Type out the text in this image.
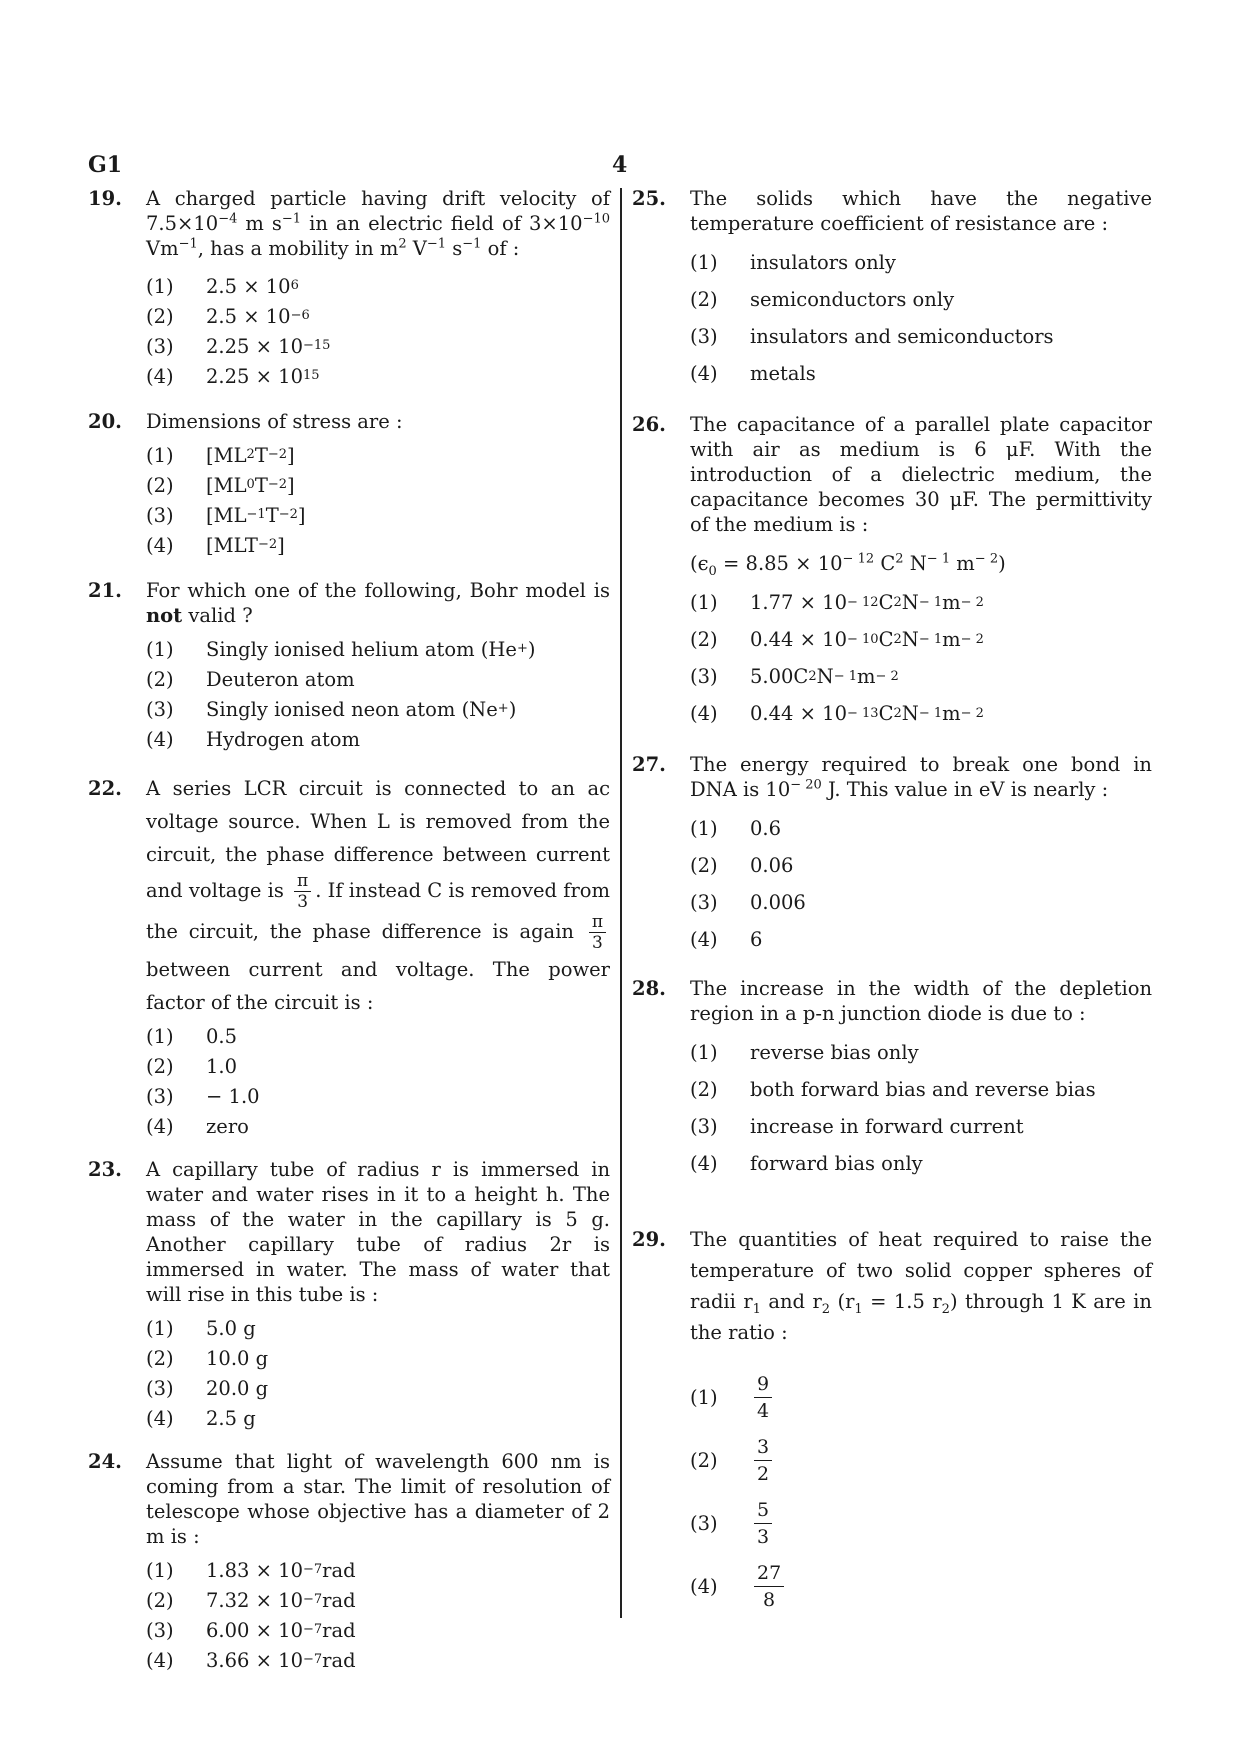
G1	4
19. A charged particle having drift velocity of $7.5\times 10^{-4}$ m $s^{-1}$ in an electric field of $3\times 10^{-10}$ $Vm^{-1}$, has a mobility in $m^2$ $V^{-1}$ $s^{-1}$ of :
(1)	2.5 × 10 6
(2)	2.5 × 10 −6
(3)	2.25 × 10 −15
(4)	2.25 × 10 15
20. Dimensions of stress are :
(1)	[ML 2 T −2 ]
(2)	[ML 0 T −2 ]
(3)	[ML −1 T −2 ]
(4)	[MLT −2 ]
21. For which one of the following, Bohr model is not valid ?
(1)	Singly ionised helium atom (He + )
(2)	Deuteron atom
(3)	Singly ionised neon atom (Ne + )
(4)	Hydrogen atom
22. A series LCR circuit is connected to an ac voltage source. When L is removed from the circuit, the phase difference between current and voltage is $\frac{\pi}{3}$ . If instead C is removed from the circuit, the phase difference is again $\frac{\pi}{3}$
between current and voltage. The power factor of the circuit is :
(1)	0.5
(2)	1.0
(3)	− 1.0
(4)	zero
23. A capillary tube of radius r is immersed in water and water rises in it to a height h. The mass of the water in the capillary is 5 g. Another capillary tube of radius 2r is immersed in water. The mass of water that will rise in this tube is :
(1)	5.0 g
(2)	10.0 g
(3)	20.0 g
(4)	2.5 g
24. Assume that light of wavelength 600 nm is coming from a star. The limit of resolution of telescope whose objective has a diameter of 2 m is :
(1)	1.83 × 10 −7 rad
(2)	7.32 × 10 −7 rad
(3)	6.00 × 10 −7 rad
(4)	3.66 × 10 −7 rad
25. The solids which have the negative temperature coefficient of resistance are :
(1)	insulators only
(2)	semiconductors only
(3)	insulators and semiconductors
(4)	metals
26. The capacitance of a parallel plate capacitor with air as medium is 6 μF. With the introduction of a dielectric medium, the capacitance becomes 30 μF. The permittivity of the medium is :
($\epsilon_0 = 8.85 \times 10^{- 12}$ $C^2$ $N^{- 1}$ $m^{- 2}$)
(1)	1.77 × 10 − 12 C 2 N − 1 m − 2
(2)	0.44 × 10 − 10 C 2 N − 1 m − 2
(3)	5.00 C 2 N − 1 m − 2
(4)	0.44 × 10 − 13 C 2 N − 1 m − 2
27. The energy required to break one bond in DNA is $10^{- 20}$ J. This value in eV is nearly :
(1)	0.6
(2)	0.06
(3)	0.006
(4)	6
28. The increase in the width of the depletion region in a p-n junction diode is due to :
(1)	reverse bias only
(2)	both forward bias and reverse bias
(3)	increase in forward current
(4)	forward bias only
29. The quantities of heat required to raise the temperature of two solid copper spheres of radii $r_1$ and $r_2$ ($r_1 = 1.5$ $r_2$) through 1 K are in the ratio :
(1)	$\frac{9}{4}$
(2)	$\frac{3}{2}$
(3)	$\frac{5}{3}$
(4)	$\frac{27}{8}$
